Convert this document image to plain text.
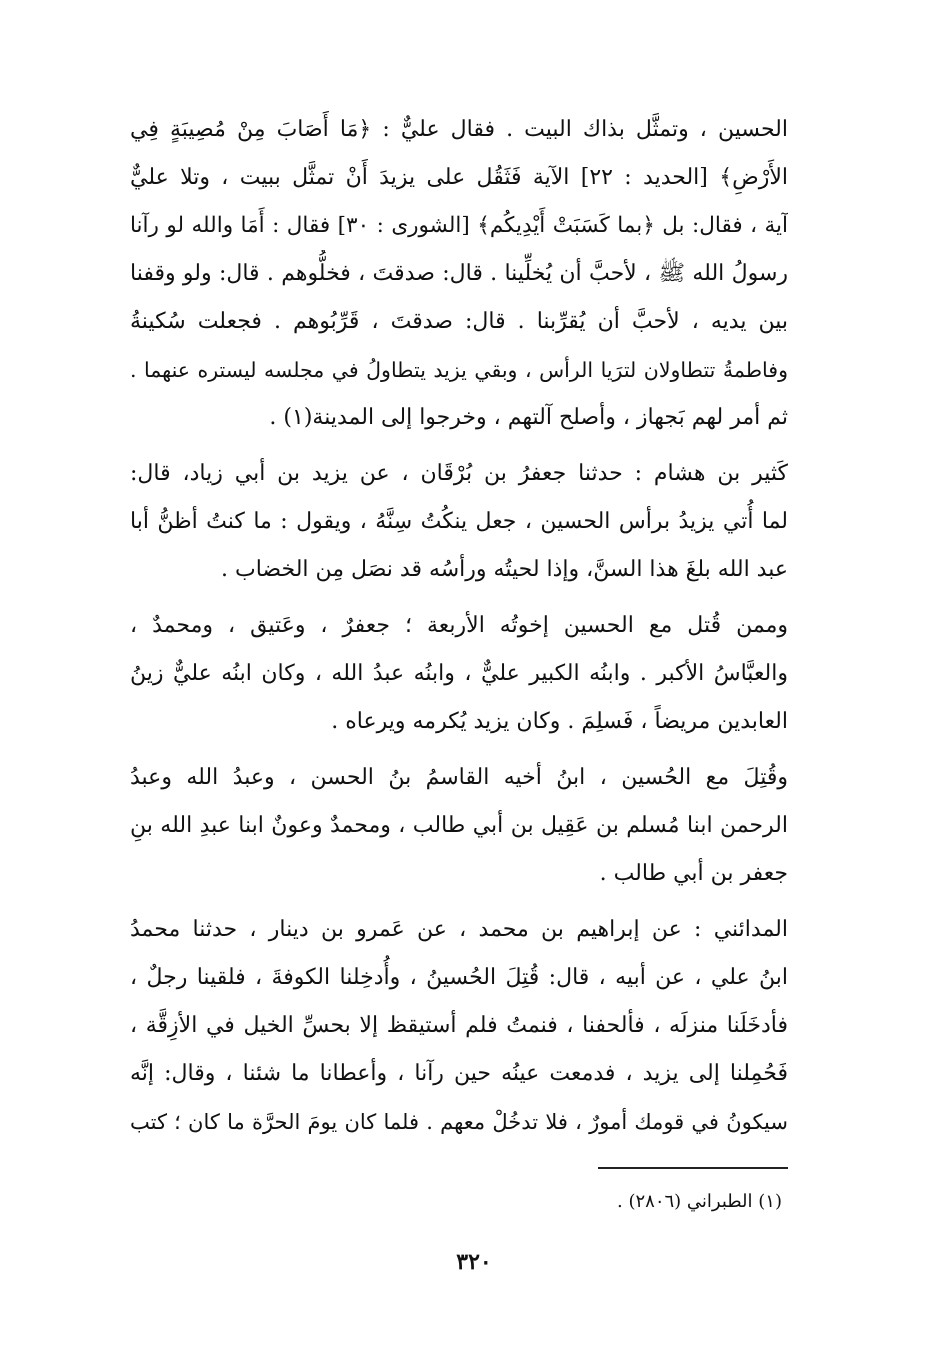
الحسين ، وتمثَّل بذاك البيت . فقال عليٌّ : ﴿مَا أَصَابَ مِنْ مُصِيبَةٍ فِي
الأَرْضِ﴾ [الحديد : ٢٢] الآية فَثَقُل على يزيدَ أَنْ تمثَّل ببيت ، وتلا عليٌّ
آية ، فقال: بل ﴿بما كَسَبَتْ أَيْدِيكُم﴾ [الشورى : ٣٠] فقال : أَمَا والله لو رآنا
رسولُ الله ﷺ ، لأحبَّ أن يُخلِّينا . قال: صدقتَ ، فخلُّوهم . قال: ولو وقفنا
بين يديه ، لأحبَّ أن يُقرِّبنا . قال: صدقتَ ، قَرِّبُوهم . فجعلت سُكينةُ
وفاطمةُ تتطاولان لترَيا الرأس ، وبقي يزيد يتطاولُ في مجلسه ليستره عنهما .
ثم أمر لهم بَجهاز ، وأصلح آلتهم ، وخرجوا إلى المدينة(١) .
كَثير بن هشام : حدثنا جعفرُ بن بُرْقَان ، عن يزيد بن أبي زياد، قال:
لما أُتي يزيدُ برأس الحسين ، جعل ينكُتُ سِنَّهُ ، ويقول : ما كنتُ أظنُّ أبا
عبد الله بلغَ هذا السنَّ، وإذا لحيتُه ورأسُه قد نصَل مِن الخضاب .
وممن قُتل مع الحسين إخوتُه الأربعة ؛ جعفرٌ ، وعَتيق ، ومحمدٌ ،
والعبَّاسُ الأكبر . وابنُه الكبير عليٌّ ، وابنُه عبدُ الله ، وكان ابنُه عليٌّ زينُ
العابدين مريضاً ، فَسلِمَ . وكان يزيد يُكرمه ويرعاه .
وقُتِلَ مع الحُسين ، ابنُ أخيه القاسمُ بنُ الحسن ، وعبدُ الله وعبدُ
الرحمن ابنا مُسلم بن عَقِيل بن أبي طالب ، ومحمدٌ وعونٌ ابنا عبدِ الله بنِ
جعفر بن أبي طالب .
المدائني : عن إبراهيم بن محمد ، عن عَمرو بن دينار ، حدثنا محمدُ
ابنُ علي ، عن أبيه ، قال: قُتِلَ الحُسينُ ، وأُدخِلنا الكوفةَ ، فلقينا رجلٌ ،
فأدخَلَنا منزلَه ، فألحفنا ، فنمتُ فلم أستيقظ إلا بحسِّ الخيل في الأزِقَّة ،
فَحُمِلنا إلى يزيد ، فدمعت عينُه حين رآنا ، وأعطانا ما شئنا ، وقال: إنَّه
سيكونُ في قومك أمورٌ ، فلا تدخُلْ معهم . فلما كان يومَ الحرَّة ما كان ؛ كتب
(١) الطبراني (٢٨٠٦) .
٣٢٠
